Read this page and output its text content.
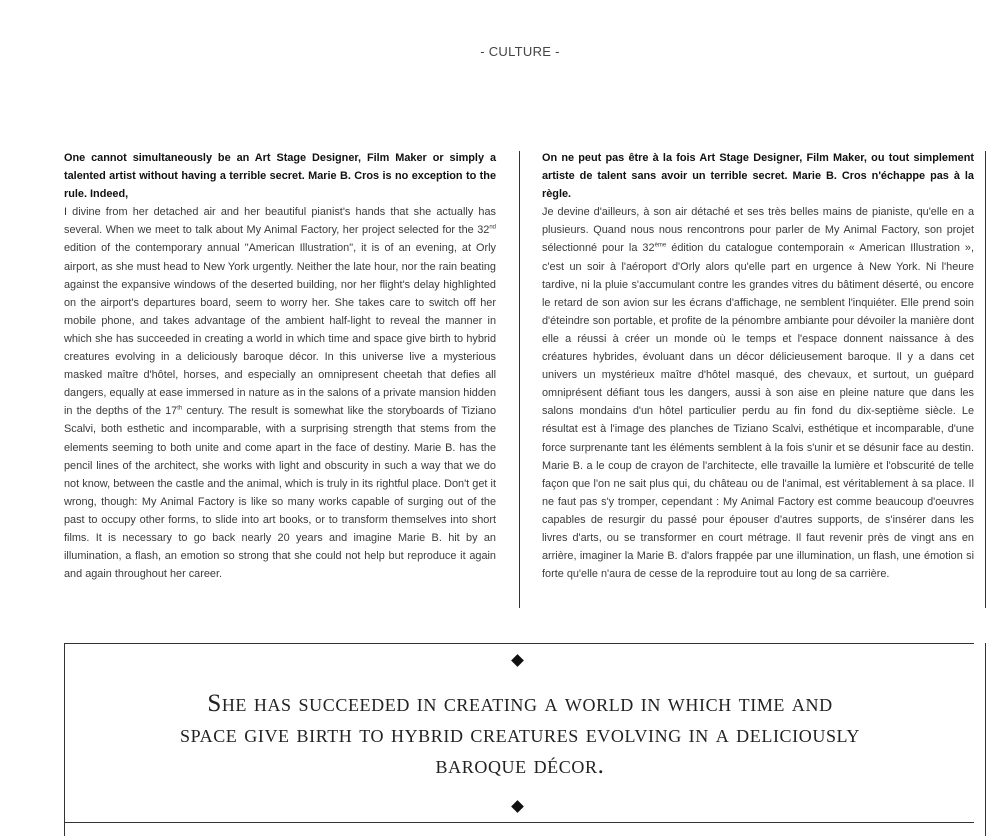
- CULTURE -

One cannot simultaneously be an Art Stage Designer, Film Maker or simply a talented artist without having a terrible secret. Marie B. Cros is no exception to the rule. Indeed,

I divine from her detached air and her beautiful pianist's hands that she actually has several. When we meet to talk about My Animal Factory, her project selected for the 32nd edition of the contemporary annual "American Illustration", it is of an evening, at Orly airport, as she must head to New York urgently. Neither the late hour, nor the rain beating against the expansive windows of the deserted building, nor her flight's delay highlighted on the airport's departures board, seem to worry her. She takes care to switch off her mobile phone, and takes advantage of the ambient half-light to reveal the manner in which she has succeeded in creating a world in which time and space give birth to hybrid creatures evolving in a deliciously baroque décor. In this universe live a mysterious masked maître d'hôtel, horses, and especially an omnipresent cheetah that defies all dangers, equally at ease immersed in nature as in the salons of a private mansion hidden in the depths of the 17th century. The result is somewhat like the storyboards of Tiziano Scalvi, both esthetic and incomparable, with a surprising strength that stems from the elements seeming to both unite and come apart in the face of destiny. Marie B. has the pencil lines of the architect, she works with light and obscurity in such a way that we do not know, between the castle and the animal, which is truly in its rightful place. Don't get it wrong, though: My Animal Factory is like so many works capable of surging out of the past to occupy other forms, to slide into art books, or to transform themselves into short films. It is necessary to go back nearly 20 years and imagine Marie B. hit by an illumination, a flash, an emotion so strong that she could not help but reproduce it again and again throughout her career.

On ne peut pas être à la fois Art Stage Designer, Film Maker, ou tout simplement artiste de talent sans avoir un terrible secret. Marie B. Cros n'échappe pas à la règle.

Je devine d'ailleurs, à son air détaché et ses très belles mains de pianiste, qu'elle en a plusieurs. Quand nous nous rencontrons pour parler de My Animal Factory, son projet sélectionné pour la 32ème édition du catalogue contemporain « American Illustration », c'est un soir à l'aéroport d'Orly alors qu'elle part en urgence à New York. Ni l'heure tardive, ni la pluie s'accumulant contre les grandes vitres du bâtiment déserté, ou encore le retard de son avion sur les écrans d'affichage, ne semblent l'inquiéter. Elle prend soin d'éteindre son portable, et profite de la pénombre ambiante pour dévoiler la manière dont elle a réussi à créer un monde où le temps et l'espace donnent naissance à des créatures hybrides, évoluant dans un décor délicieusement baroque. Il y a dans cet univers un mystérieux maître d'hôtel masqué, des chevaux, et surtout, un guépard omniprésent défiant tous les dangers, aussi à son aise en pleine nature que dans les salons mondains d'un hôtel particulier perdu au fin fond du dix-septième siècle. Le résultat est à l'image des planches de Tiziano Scalvi, esthétique et incomparable, d'une force surprenante tant les éléments semblent à la fois s'unir et se désunir face au destin. Marie B. a le coup de crayon de l'architecte, elle travaille la lumière et l'obscurité de telle façon que l'on ne sait plus qui, du château ou de l'animal, est véritablement à sa place. Il ne faut pas s'y tromper, cependant : My Animal Factory est comme beaucoup d'oeuvres capables de resurgir du passé pour épouser d'autres supports, de s'insérer dans les livres d'arts, ou se transformer en court métrage. Il faut revenir près de vingt ans en arrière, imaginer la Marie B. d'alors frappée par une illumination, un flash, une émotion si forte qu'elle n'aura de cesse de la reproduire tout au long de sa carrière.

She has succeeded in creating a world in which time and space give birth to hybrid creatures evolving in a deliciously baroque décor.
